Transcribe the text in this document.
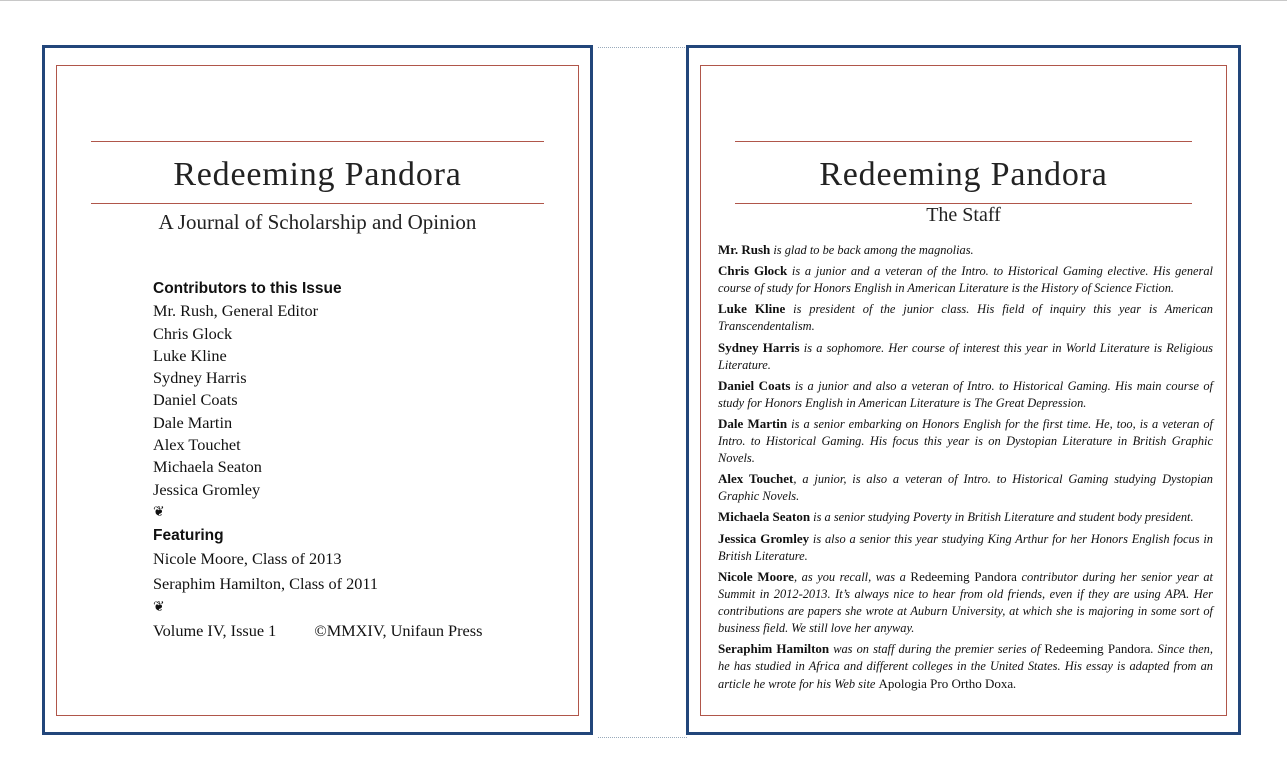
Redeeming Pandora
A Journal of Scholarship and Opinion
Contributors to this Issue
Mr. Rush, General Editor
Chris Glock
Luke Kline
Sydney Harris
Daniel Coats
Dale Martin
Alex Touchet
Michaela Seaton
Jessica Gromley
❦
Featuring
Nicole Moore, Class of 2013
Seraphim Hamilton, Class of 2011
❦
Volume IV, Issue 1 ©MMXIV, Unifaun Press
Redeeming Pandora
The Staff
Mr. Rush is glad to be back among the magnolias.
Chris Glock is a junior and a veteran of the Intro. to Historical Gaming elective. His general course of study for Honors English in American Literature is the History of Science Fiction.
Luke Kline is president of the junior class. His field of inquiry this year is American Transcendentalism.
Sydney Harris is a sophomore. Her course of interest this year in World Literature is Religious Literature.
Daniel Coats is a junior and also a veteran of Intro. to Historical Gaming. His main course of study for Honors English in American Literature is The Great Depression.
Dale Martin is a senior embarking on Honors English for the first time. He, too, is a veteran of Intro. to Historical Gaming. His focus this year is on Dystopian Literature in British Graphic Novels.
Alex Touchet, a junior, is also a veteran of Intro. to Historical Gaming studying Dystopian Graphic Novels.
Michaela Seaton is a senior studying Poverty in British Literature and student body president.
Jessica Gromley is also a senior this year studying King Arthur for her Honors English focus in British Literature.
Nicole Moore, as you recall, was a Redeeming Pandora contributor during her senior year at Summit in 2012-2013. It’s always nice to hear from old friends, even if they are using APA. Her contributions are papers she wrote at Auburn University, at which she is majoring in some sort of business field. We still love her anyway.
Seraphim Hamilton was on staff during the premier series of Redeeming Pandora. Since then, he has studied in Africa and different colleges in the United States. His essay is adapted from an article he wrote for his Web site Apologia Pro Ortho Doxa.
